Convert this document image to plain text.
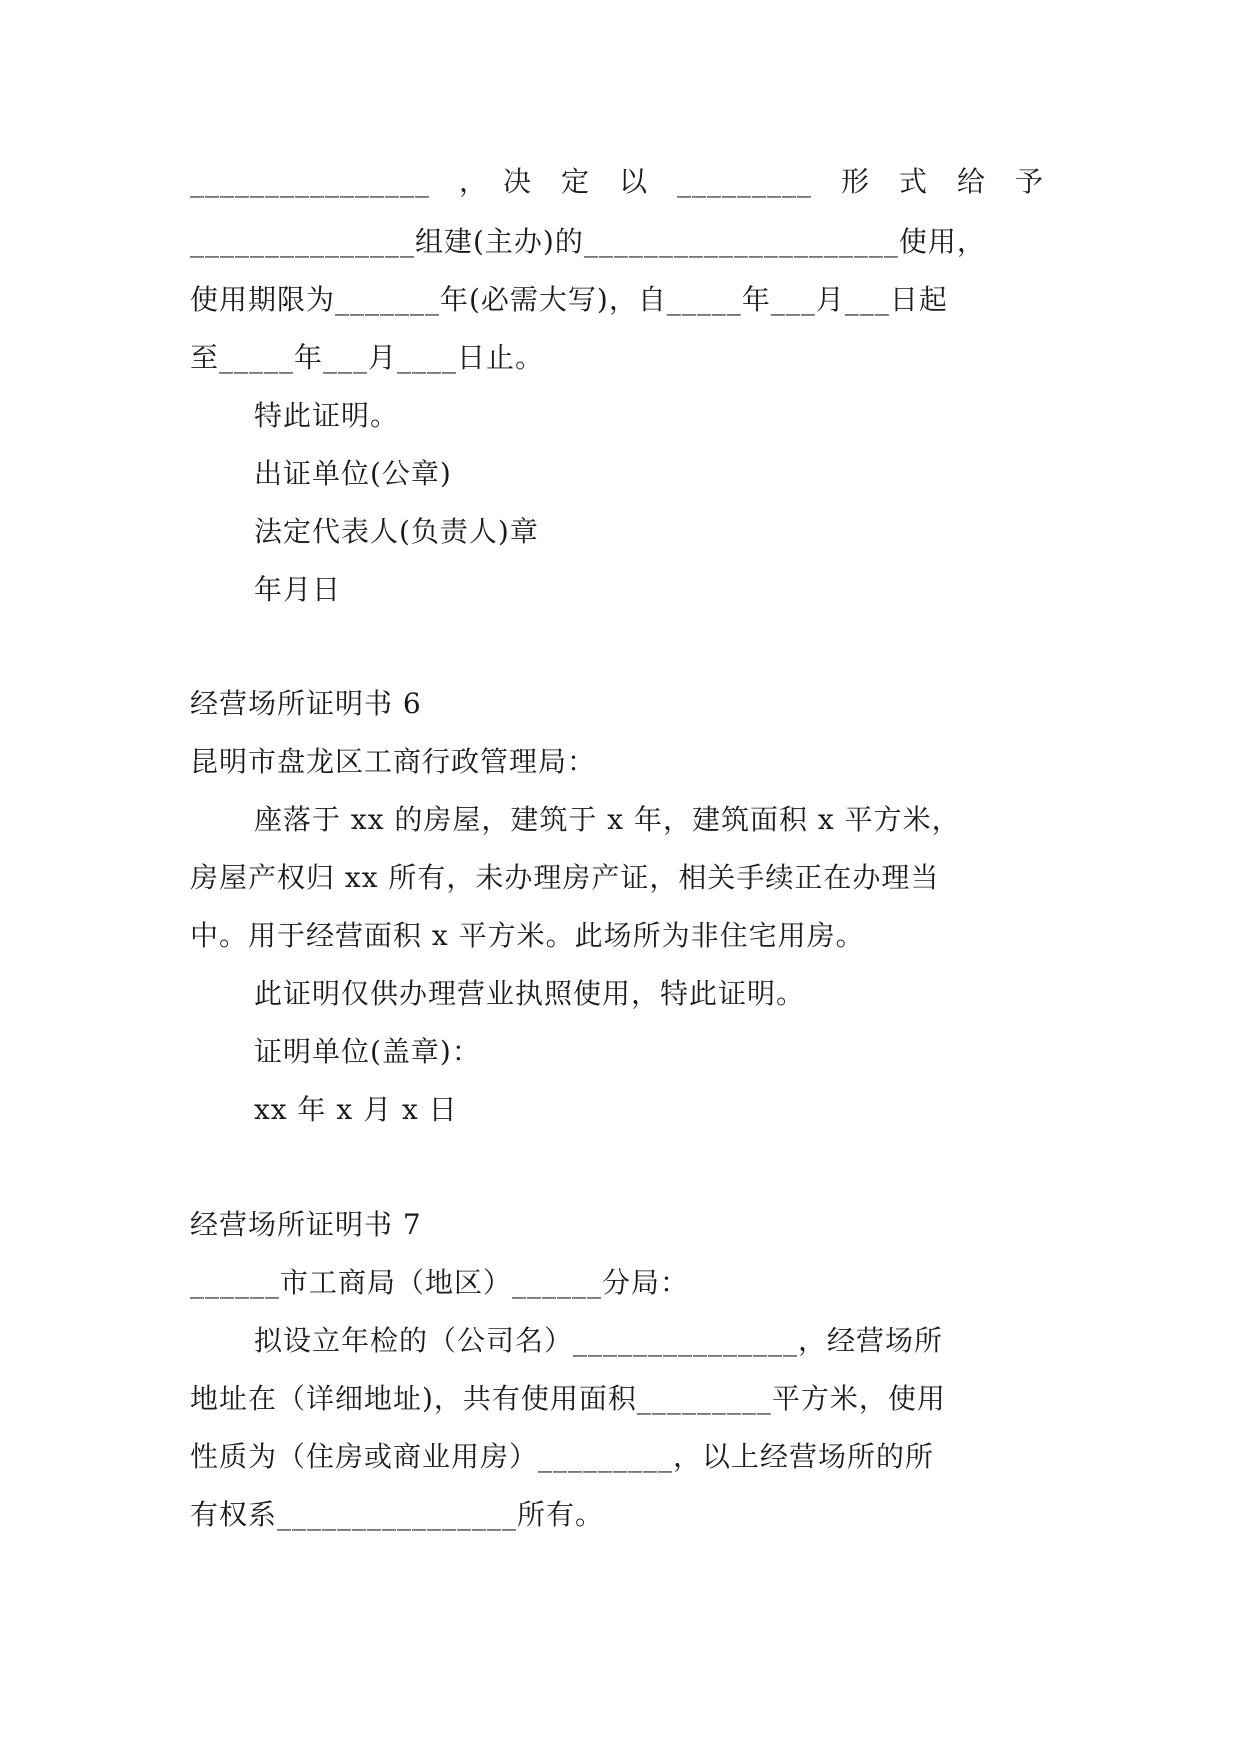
________________　，　决　定　以　_________　形　式　给　予
_______________组建(主办)的_____________________使用，
使用期限为_______年(必需大写)，自_____年___月___日起
至_____年___月____日止。
特此证明。
出证单位(公章)
法定代表人(负责人)章
年月日
经营场所证明书 6
昆明市盘龙区工商行政管理局：
座落于 xx 的房屋，建筑于 x 年，建筑面积 x 平方米，
房屋产权归 xx 所有，未办理房产证，相关手续正在办理当
中。用于经营面积 x 平方米。此场所为非住宅用房。
此证明仅供办理营业执照使用，特此证明。
证明单位(盖章)：
xx 年 x 月 x 日
经营场所证明书 7
______市工商局（地区）______分局：
拟设立年检的（公司名）_______________，经营场所
地址在（详细地址)，共有使用面积_________平方米，使用
性质为（住房或商业用房）_________，以上经营场所的所
有权系________________所有。
